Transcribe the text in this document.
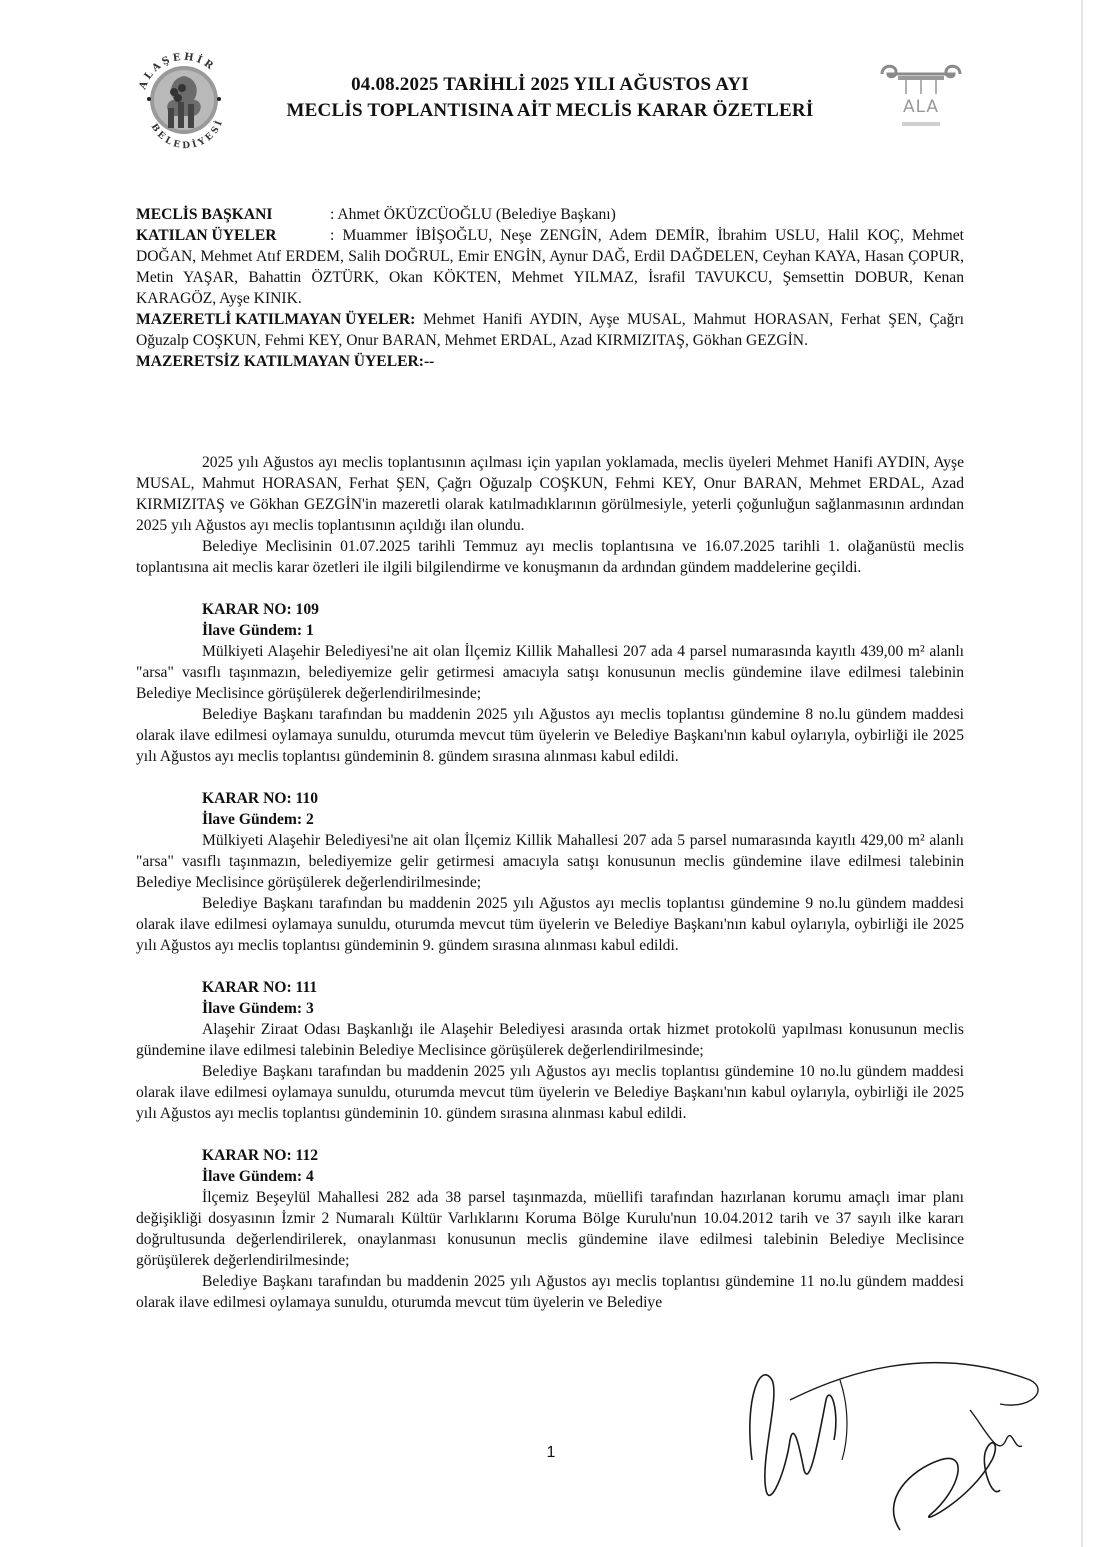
ALAŞEHİR
BELEDİYESİ
04.08.2025 TARİHLİ 2025 YILI AĞUSTOS AYI
MECLİS TOPLANTISINA AİT MECLİS KARAR ÖZETLERİ	ALA

MECLİS BAŞKANI	: Ahmet ÖKÜZCÜOĞLU (Belediye Başkanı)

KATILAN ÜYELER	: Muammer İBİŞOĞLU, Neşe ZENGİN, Adem DEMİR, İbrahim USLU, Halil KOÇ, Mehmet DOĞAN, Mehmet Atıf ERDEM, Salih DOĞRUL, Emir ENGİN, Aynur DAĞ, Erdil DAĞDELEN, Ceyhan KAYA, Hasan ÇOPUR, Metin YAŞAR, Bahattin ÖZTÜRK, Okan KÖKTEN, Mehmet YILMAZ, İsrafil TAVUKCU, Şemsettin DOBUR, Kenan KARAGÖZ, Ayşe KINIK.

MAZERETLİ KATILMAYAN ÜYELER: Mehmet Hanifi AYDIN, Ayşe MUSAL, Mahmut HORASAN, Ferhat ŞEN, Çağrı Oğuzalp COŞKUN, Fehmi KEY, Onur BARAN, Mehmet ERDAL, Azad KIRMIZITAŞ, Gökhan GEZGİN.

MAZERETSİZ KATILMAYAN ÜYELER:--

2025 yılı Ağustos ayı meclis toplantısının açılması için yapılan yoklamada, meclis üyeleri Mehmet Hanifi AYDIN, Ayşe MUSAL, Mahmut HORASAN, Ferhat ŞEN, Çağrı Oğuzalp COŞKUN, Fehmi KEY, Onur BARAN, Mehmet ERDAL, Azad KIRMIZITAŞ ve Gökhan GEZGİN'in mazeretli olarak katılmadıklarının görülmesiyle, yeterli çoğunluğun sağlanmasının ardından 2025 yılı Ağustos ayı meclis toplantısının açıldığı ilan olundu.

Belediye Meclisinin 01.07.2025 tarihli Temmuz ayı meclis toplantısına ve 16.07.2025 tarihli 1. olağanüstü meclis toplantısına ait meclis karar özetleri ile ilgili bilgilendirme ve konuşmanın da ardından gündem maddelerine geçildi.

KARAR NO: 109

İlave Gündem: 1

Mülkiyeti Alaşehir Belediyesi'ne ait olan İlçemiz Killik Mahallesi 207 ada 4 parsel numarasında kayıtlı 439,00 m² alanlı "arsa" vasıflı taşınmazın, belediyemize gelir getirmesi amacıyla satışı konusunun meclis gündemine ilave edilmesi talebinin Belediye Meclisince görüşülerek değerlendirilmesinde;

Belediye Başkanı tarafından bu maddenin 2025 yılı Ağustos ayı meclis toplantısı gündemine 8 no.lu gündem maddesi olarak ilave edilmesi oylamaya sunuldu, oturumda mevcut tüm üyelerin ve Belediye Başkanı'nın kabul oylarıyla, oybirliği ile 2025 yılı Ağustos ayı meclis toplantısı gündeminin 8. gündem sırasına alınması kabul edildi.

KARAR NO: 110

İlave Gündem: 2

Mülkiyeti Alaşehir Belediyesi'ne ait olan İlçemiz Killik Mahallesi 207 ada 5 parsel numarasında kayıtlı 429,00 m² alanlı "arsa" vasıflı taşınmazın, belediyemize gelir getirmesi amacıyla satışı konusunun meclis gündemine ilave edilmesi talebinin Belediye Meclisince görüşülerek değerlendirilmesinde;

Belediye Başkanı tarafından bu maddenin 2025 yılı Ağustos ayı meclis toplantısı gündemine 9 no.lu gündem maddesi olarak ilave edilmesi oylamaya sunuldu, oturumda mevcut tüm üyelerin ve Belediye Başkanı'nın kabul oylarıyla, oybirliği ile 2025 yılı Ağustos ayı meclis toplantısı gündeminin 9. gündem sırasına alınması kabul edildi.

KARAR NO: 111

İlave Gündem: 3

Alaşehir Ziraat Odası Başkanlığı ile Alaşehir Belediyesi arasında ortak hizmet protokolü yapılması konusunun meclis gündemine ilave edilmesi talebinin Belediye Meclisince görüşülerek değerlendirilmesinde;

Belediye Başkanı tarafından bu maddenin 2025 yılı Ağustos ayı meclis toplantısı gündemine 10 no.lu gündem maddesi olarak ilave edilmesi oylamaya sunuldu, oturumda mevcut tüm üyelerin ve Belediye Başkanı'nın kabul oylarıyla, oybirliği ile 2025 yılı Ağustos ayı meclis toplantısı gündeminin 10. gündem sırasına alınması kabul edildi.

KARAR NO: 112

İlave Gündem: 4

İlçemiz Beşeylül Mahallesi 282 ada 38 parsel taşınmazda, müellifi tarafından hazırlanan korumu amaçlı imar planı değişikliği dosyasının İzmir 2 Numaralı Kültür Varlıklarını Koruma Bölge Kurulu'nun 10.04.2012 tarih ve 37 sayılı ilke kararı doğrultusunda değerlendirilerek, onaylanması konusunun meclis gündemine ilave edilmesi talebinin Belediye Meclisince görüşülerek değerlendirilmesinde;

Belediye Başkanı tarafından bu maddenin 2025 yılı Ağustos ayı meclis toplantısı gündemine 11 no.lu gündem maddesi olarak ilave edilmesi oylamaya sunuldu, oturumda mevcut tüm üyelerin ve Belediye

1
